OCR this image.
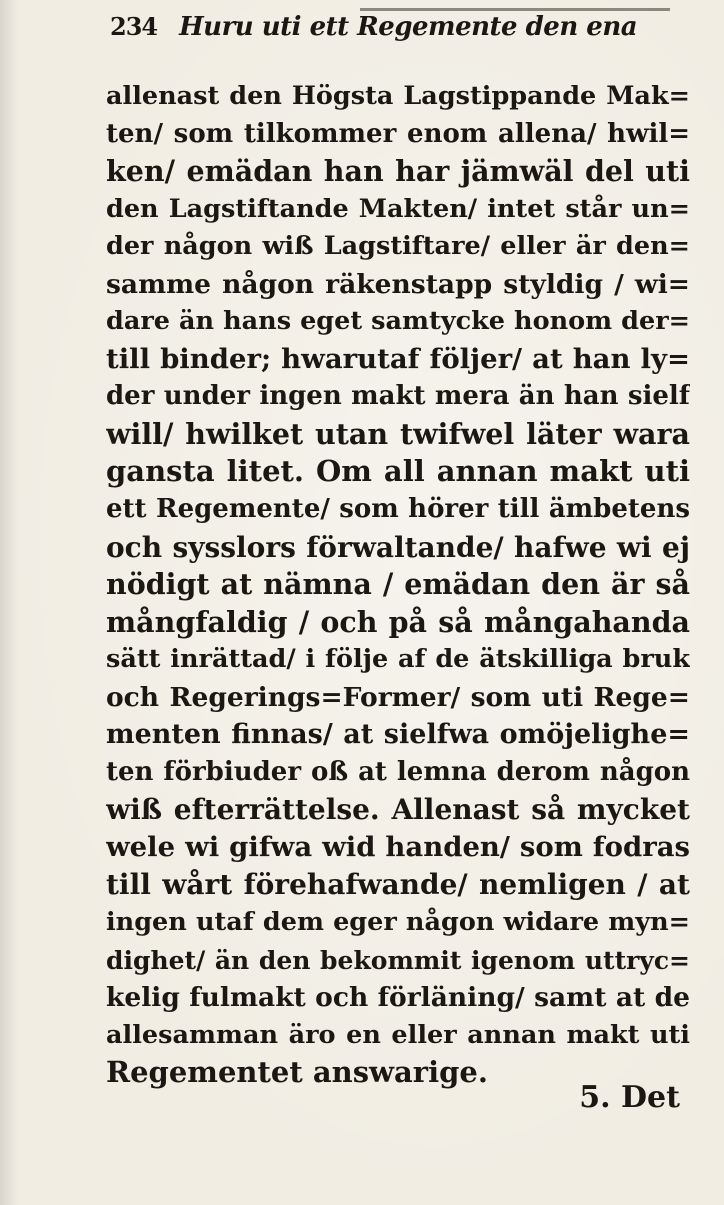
234 Huru uti ett Regemente den ena
allenast den Högsta Lagstippande Mak=
ten/ som tilkommer enom allena/ hwil=
ken/ emädan han har jämwäl del uti
den Lagstiftande Makten/ intet står un=
der någon wiß Lagstiftare/ eller är den=
samme någon räkenstapp styldig / wi=
dare än hans eget samtycke honom der=
till binder; hwarutaf följer/ at han ly=
der under ingen makt mera än han sielf
will/ hwilket utan twifwel läter wara
gansta litet. Om all annan makt uti
ett Regemente/ som hörer till ämbetens
och sysslors förwaltande/ hafwe wi ej
nödigt at nämna / emädan den är så
mångfaldig / och på så mångahanda
sätt inrättad/ i följe af de ätskilliga bruk
och Regerings=Former/ som uti Rege=
menten finnas/ at sielfwa omöjelighe=
ten förbiuder oß at lemna derom någon
wiß efterrättelse. Allenast så mycket
wele wi gifwa wid handen/ som fodras
till wårt förehafwande/ nemligen / at
ingen utaf dem eger någon widare myn=
dighet/ än den bekommit igenom uttryc=
kelig fulmakt och förläning/ samt at de
allesamman äro en eller annan makt uti
Regementet answarige.
5. Det
